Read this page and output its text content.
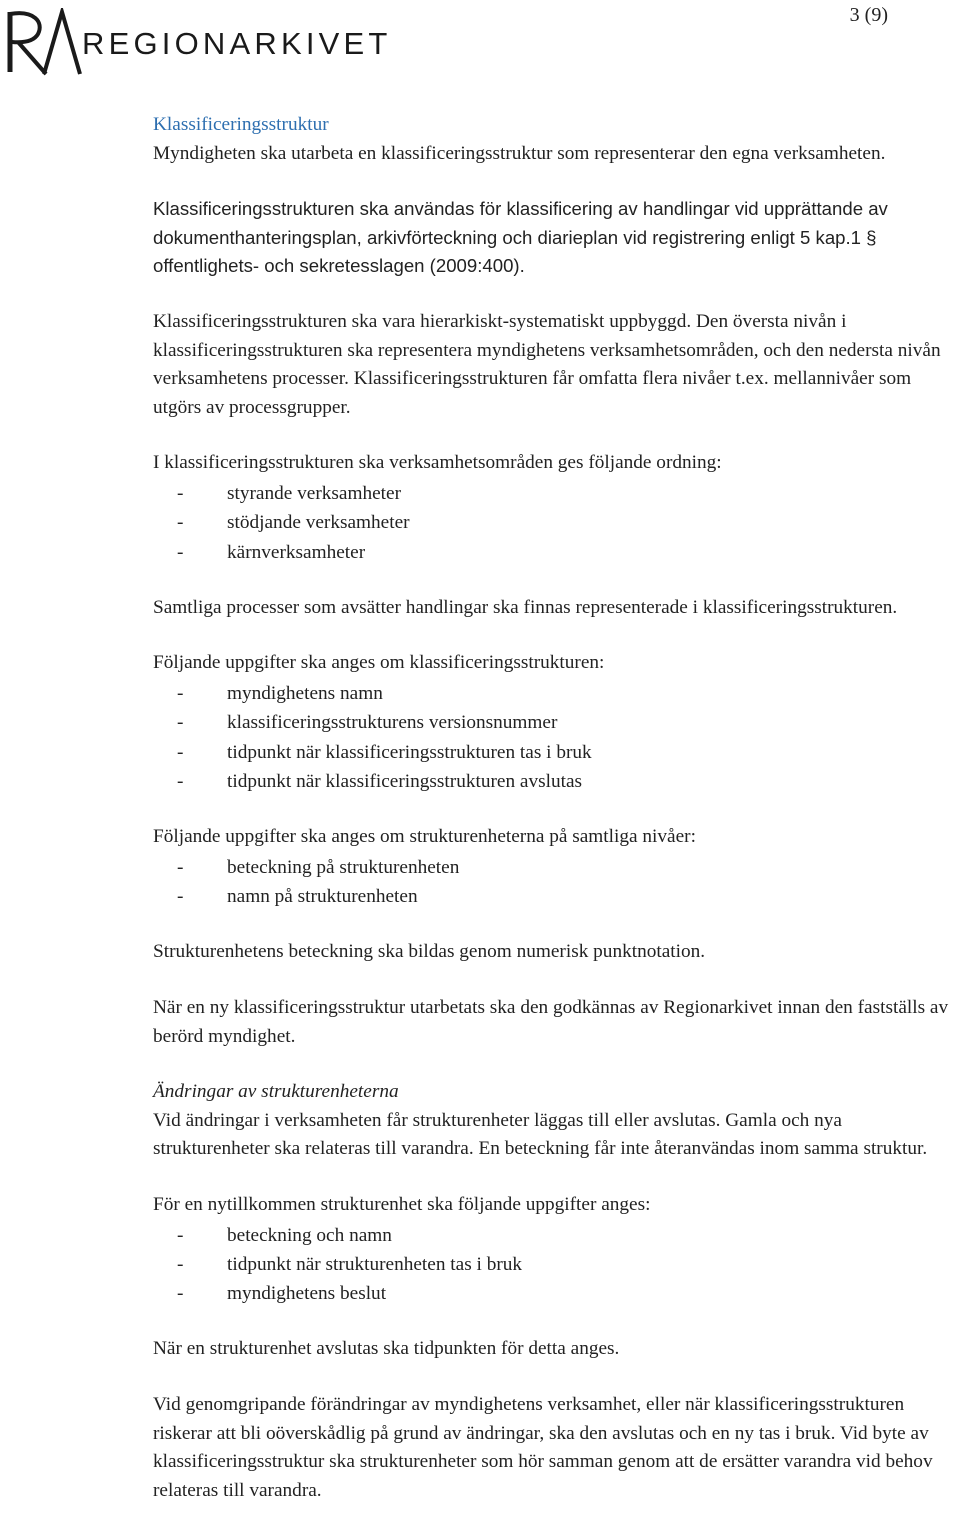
REGIONARKIVET
3 (9)

Klassificeringsstruktur

Myndigheten ska utarbeta en klassificeringsstruktur som representerar den egna verksamheten.

Klassificeringsstrukturen ska användas för klassificering av handlingar vid upprättande av dokumenthanteringsplan, arkivförteckning och diarieplan vid registrering enligt 5 kap.1 § offentlighets- och sekretesslagen (2009:400).

Klassificeringsstrukturen ska vara hierarkiskt-systematiskt uppbyggd. Den översta nivån i klassificeringsstrukturen ska representera myndighetens verksamhetsområden, och den nedersta nivån verksamhetens processer. Klassificeringsstrukturen får omfatta flera nivåer t.ex. mellannivåer som utgörs av processgrupper.

I klassificeringsstrukturen ska verksamhetsområden ges följande ordning:

- styrande verksamheter
- stödjande verksamheter
- kärnverksamheter

Samtliga processer som avsätter handlingar ska finnas representerade i klassificeringsstrukturen.

Följande uppgifter ska anges om klassificeringsstrukturen:

- myndighetens namn
- klassificeringsstrukturens versionsnummer
- tidpunkt när klassificeringsstrukturen tas i bruk
- tidpunkt när klassificeringsstrukturen avslutas

Följande uppgifter ska anges om strukturenheterna på samtliga nivåer:

- beteckning på strukturenheten
- namn på strukturenheten

Strukturenhetens beteckning ska bildas genom numerisk punktnotation.

När en ny klassificeringsstruktur utarbetats ska den godkännas av Regionarkivet innan den fastställs av berörd myndighet.

Ändringar av strukturenheterna

Vid ändringar i verksamheten får strukturenheter läggas till eller avslutas. Gamla och nya strukturenheter ska relateras till varandra. En beteckning får inte återanvändas inom samma struktur.

För en nytillkommen strukturenhet ska följande uppgifter anges:

- beteckning och namn
- tidpunkt när strukturenheten tas i bruk
- myndighetens beslut

När en strukturenhet avslutas ska tidpunkten för detta anges.

Vid genomgripande förändringar av myndighetens verksamhet, eller när klassificeringsstrukturen riskerar att bli oöverskådlig på grund av ändringar, ska den avslutas och en ny tas i bruk. Vid byte av klassificeringsstruktur ska strukturenheter som hör samman genom att de ersätter varandra vid behov relateras till varandra.
